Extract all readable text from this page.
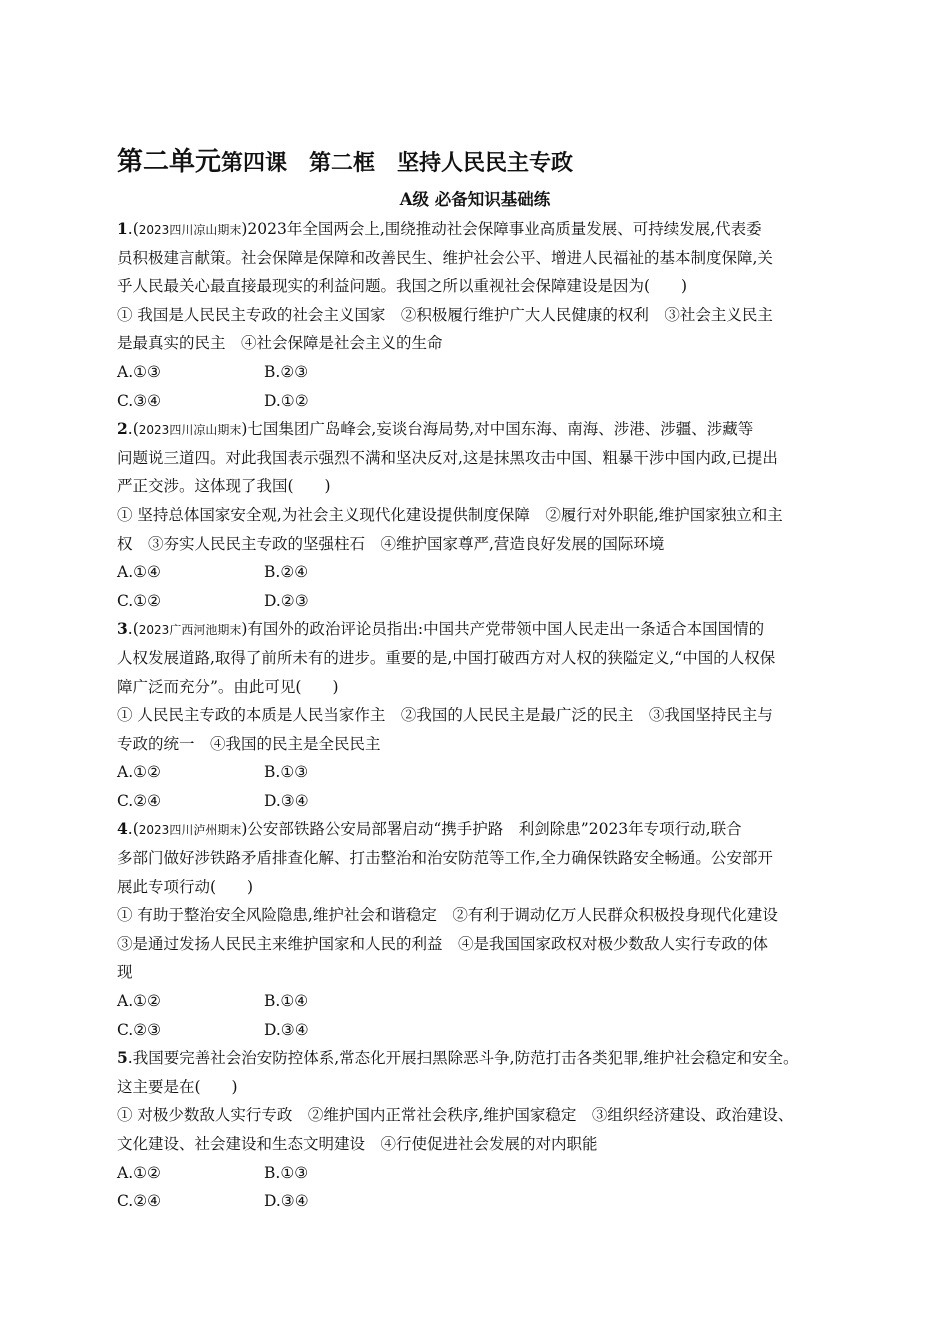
第二单元第四课　第二框　坚持人民民主专政
A级 必备知识基础练
1.(2023四川凉山期末)2023年全国两会上,围绕推动社会保障事业高质量发展、可持续发展,代表委
员积极建言献策。社会保障是保障和改善民生、维护社会公平、增进人民福祉的基本制度保障,关
乎人民最关心最直接最现实的利益问题。我国之所以重视社会保障建设是因为(　　)
① 我国是人民民主专政的社会主义国家　②积极履行维护广大人民健康的权利　③社会主义民主
是最真实的民主　④社会保障是社会主义的生命
A.①③	B.②③
C.③④	D.①②
2.(2023四川凉山期末)七国集团广岛峰会,妄谈台海局势,对中国东海、南海、涉港、涉疆、涉藏等
问题说三道四。对此我国表示强烈不满和坚决反对,这是抹黑攻击中国、粗暴干涉中国内政,已提出
严正交涉。这体现了我国(　　)
① 坚持总体国家安全观,为社会主义现代化建设提供制度保障　②履行对外职能,维护国家独立和主
权　③夯实人民民主专政的坚强柱石　④维护国家尊严,营造良好发展的国际环境
A.①④	B.②④
C.①②	D.②③
3.(2023广西河池期末)有国外的政治评论员指出:中国共产党带领中国人民走出一条适合本国国情的
人权发展道路,取得了前所未有的进步。重要的是,中国打破西方对人权的狭隘定义,“中国的人权保
障广泛而充分”。由此可见(　　)
① 人民民主专政的本质是人民当家作主　②我国的人民民主是最广泛的民主　③我国坚持民主与
专政的统一　④我国的民主是全民民主
A.①②	B.①③
C.②④	D.③④
4.(2023四川泸州期末)公安部铁路公安局部署启动“携手护路　利剑除患”2023年专项行动,联合
多部门做好涉铁路矛盾排查化解、打击整治和治安防范等工作,全力确保铁路安全畅通。公安部开
展此专项行动(　　)
① 有助于整治安全风险隐患,维护社会和谐稳定　②有利于调动亿万人民群众积极投身现代化建设
③是通过发扬人民民主来维护国家和人民的利益　④是我国国家政权对极少数敌人实行专政的体
现
A.①②	B.①④
C.②③	D.③④
5.我国要完善社会治安防控体系,常态化开展扫黑除恶斗争,防范打击各类犯罪,维护社会稳定和安全。
这主要是在(　　)
① 对极少数敌人实行专政　②维护国内正常社会秩序,维护国家稳定　③组织经济建设、政治建设、
文化建设、社会建设和生态文明建设　④行使促进社会发展的对内职能
A.①②	B.①③
C.②④	D.③④
